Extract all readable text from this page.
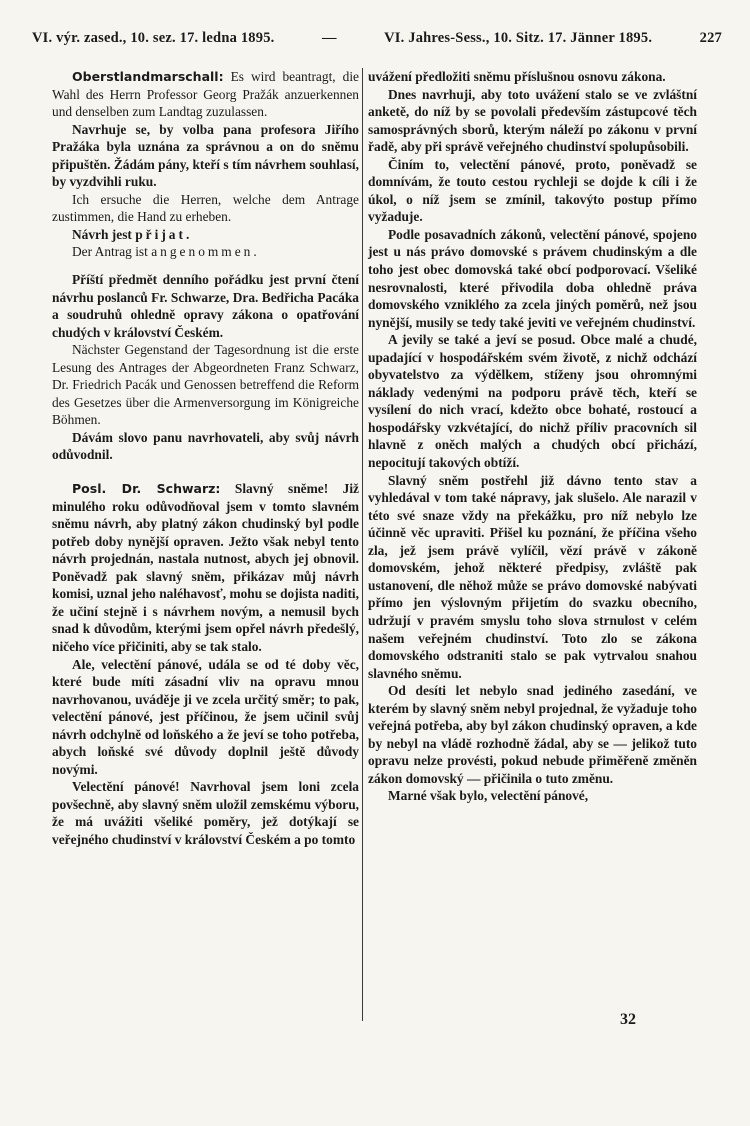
VI. výr. zased., 10. sez. 17. ledna 1895.	—	VI. Jahres-Sess., 10. Sitz. 17. Jänner 1895.	227

Oberstlandmarschall: Es wird beantragt, die Wahl des Herrn Professor Georg Pražák anzuerkennen und denselben zum Landtag zuzulassen.

Navrhuje se, by volba pana profesora Jiřího Pražáka byla uznána za správnou a on do sněmu připuštěn. Žádám pány, kteří s tím návrhem souhlasí, by vyzdvihli ruku.

Ich ersuche die Herren, welche dem Antrage zustimmen, die Hand zu erheben.

Návrh jest přijat.

Der Antrag ist angenommen.

Příští předmět denního pořádku jest první čtení návrhu poslanců Fr. Schwarze, Dra. Bedřicha Pacáka a soudruhů ohledně opravy zákona o opatřování chudých v království Českém.

Nächster Gegenstand der Tagesordnung ist die erste Lesung des Antrages der Abgeordneten Franz Schwarz, Dr. Friedrich Pacák und Genossen betreffend die Reform des Gesetzes über die Armenversorgung im Königreiche Böhmen.

Dávám slovo panu navrhovateli, aby svůj návrh odůvodnil.

Posl. Dr. Schwarz: Slavný sněme! Již minulého roku odůvodňoval jsem v tomto slavném sněmu návrh, aby platný zákon chudinský byl podle potřeb doby nynější opraven. Ježto však nebyl tento návrh projednán, nastala nutnost, abych jej obnovil. Poněvadž pak slavný sněm, přikázav můj návrh komisi, uznal jeho naléhavosť, mohu se dojista naditi, že učiní stejně i s návrhem novým, a nemusil bych snad k důvodům, kterými jsem opřel návrh předešlý, ničeho více přičiniti, aby se tak stalo.

Ale, velectění pánové, udála se od té doby věc, které bude míti zásadní vliv na opravu mnou navrhovanou, uváděje ji ve zcela určitý směr; to pak, velectění pánové, jest příčinou, že jsem učinil svůj návrh odchylně od loňského a že jeví se toho potřeba, abych loňské své důvody doplnil ještě důvody novými.

Velectění pánové! Navrhoval jsem loni zcela povšechně, aby slavný sněm uložil zemskému výboru, že má uvážiti všeliké poměry, jež dotýkají se veřejného chudinství v království Českém a po tomto

uvážení předložiti sněmu příslušnou osnovu zákona.

Dnes navrhuji, aby toto uvážení stalo se ve zvláštní anketě, do níž by se povolali především zástupcové těch samosprávných sborů, kterým náleží po zákonu v první řadě, aby při správě veřejného chudinství spolupůsobili.

Činím to, velectění pánové, proto, poněvadž se domnívám, že touto cestou rychleji se dojde k cíli i že úkol, o níž jsem se zmínil, takovýto postup přímo vyžaduje.

Podle posavadních zákonů, velectění pánové, spojeno jest u nás právo domovské s právem chudinským a dle toho jest obec domovská také obcí podporovací. Všeliké nesrovnalosti, které přivodila doba ohledně práva domovského vzniklého za zcela jiných poměrů, než jsou nynější, musily se tedy také jeviti ve veřejném chudinství.

A jevily se také a jeví se posud. Obce malé a chudé, upadající v hospodářském svém životě, z nichž odchází obyvatelstvo za výdělkem, stíženy jsou ohromnými náklady vedenými na podporu právě těch, kteří se vysílení do nich vrací, kdežto obce bohaté, rostoucí a hospodářsky vzkvétající, do nichž příliv pracovních sil hlavně z oněch malých a chudých obcí přichází, nepocitují takových obtíží.

Slavný sněm postřehl již dávno tento stav a vyhledával v tom také nápravy, jak slušelo. Ale narazil v této své snaze vždy na překážku, pro níž nebylo lze účinně věc upraviti. Přišel ku poznání, že příčina všeho zla, jež jsem právě vylíčil, vězí právě v zákoně domovském, jehož některé předpisy, zvláště pak ustanovení, dle něhož může se právo domovské nabývati přímo jen výslovným přijetím do svazku obecního, udržují v pravém smyslu toho slova strnulost v celém našem veřejném chudinství. Toto zlo se zákona domovského odstraniti stalo se pak vytrvalou snahou slavného sněmu.

Od desíti let nebylo snad jediného zasedání, ve kterém by slavný sněm nebyl projednal, že vyžaduje toho veřejná potřeba, aby byl zákon chudinský opraven, a kde by nebyl na vládě rozhodně žádal, aby se — jelikož tuto opravu nelze provésti, pokud nebude přiměřeně změněn zákon domovský — přičinila o tuto změnu.

Marné však bylo, velectění pánové,

32
